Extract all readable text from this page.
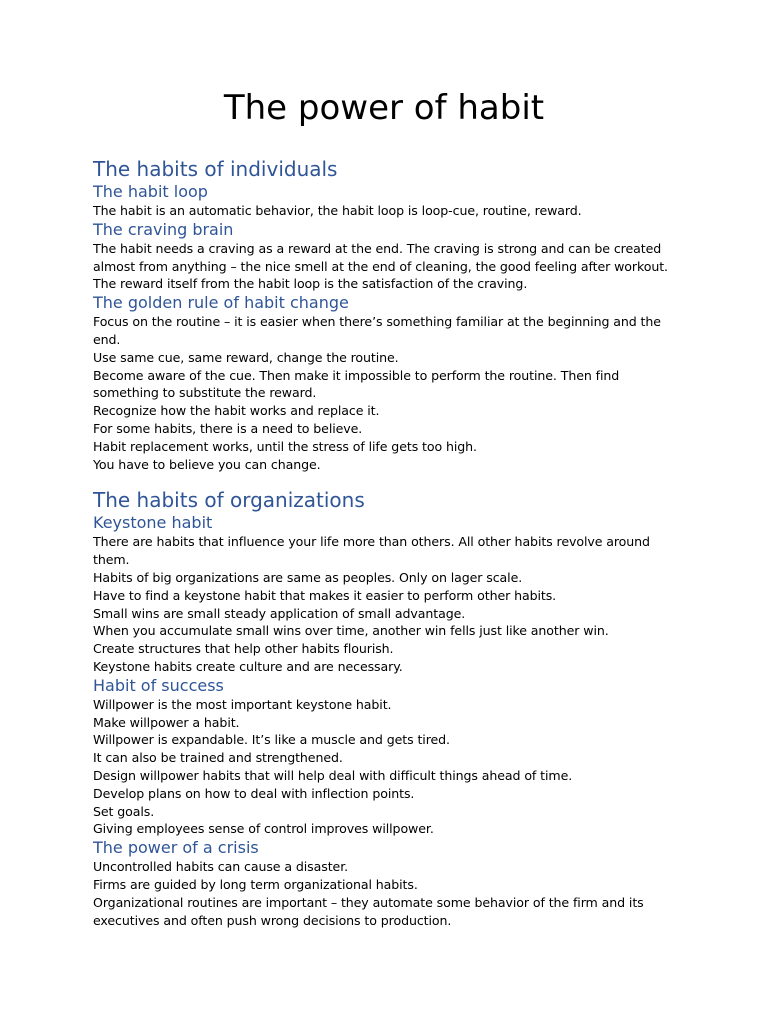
The power of habit
The habits of individuals
The habit loop

The habit is an automatic behavior, the habit loop is loop-cue, routine, reward.

The craving brain

The habit needs a craving as a reward at the end. The craving is strong and can be created almost from anything – the nice smell at the end of cleaning, the good feeling after workout.

The reward itself from the habit loop is the satisfaction of the craving.

The golden rule of habit change

Focus on the routine – it is easier when there’s something familiar at the beginning and the end.

Use same cue, same reward, change the routine.

Become aware of the cue. Then make it impossible to perform the routine. Then find something to substitute the reward.

Recognize how the habit works and replace it.

For some habits, there is a need to believe.

Habit replacement works, until the stress of life gets too high.

You have to believe you can change.

The habits of organizations
Keystone habit

There are habits that influence your life more than others. All other habits revolve around them.

Habits of big organizations are same as peoples. Only on lager scale.

Have to find a keystone habit that makes it easier to perform other habits.

Small wins are small steady application of small advantage.

When you accumulate small wins over time, another win fells just like another win.

Create structures that help other habits flourish.

Keystone habits create culture and are necessary.

Habit of success

Willpower is the most important keystone habit.

Make willpower a habit.

Willpower is expandable. It’s like a muscle and gets tired.

It can also be trained and strengthened.

Design willpower habits that will help deal with difficult things ahead of time.

Develop plans on how to deal with inflection points.

Set goals.

Giving employees sense of control improves willpower.

The power of a crisis

Uncontrolled habits can cause a disaster.

Firms are guided by long term organizational habits.

Organizational routines are important – they automate some behavior of the firm and its executives and often push wrong decisions to production.
